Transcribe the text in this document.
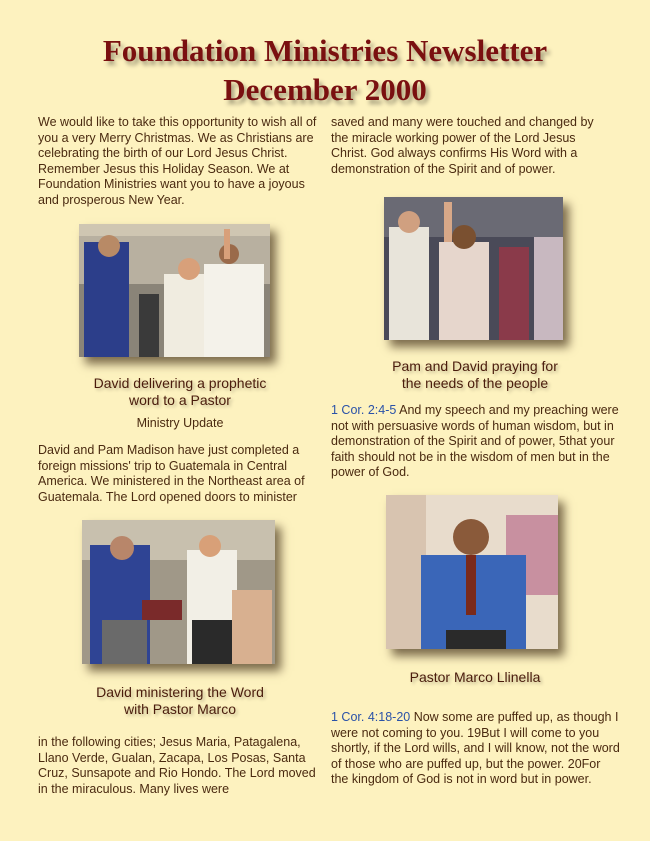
Foundation Ministries Newsletter
December 2000

We would like to take this opportunity to wish all of you a very Merry Christmas. We as Christians are celebrating the birth of our Lord Jesus Christ. Remember Jesus this Holiday Season. We at Foundation Ministries want you to have a joyous and prosperous New Year.

David delivering a prophetic
word to a Pastor
Ministry Update

David and Pam Madison have just completed a foreign missions' trip to Guatemala in Central America. We ministered in the Northeast area of Guatemala. The Lord opened doors to minister

David ministering the Word
with Pastor Marco

in the following cities; Jesus Maria, Patagalena, Llano Verde, Gualan, Zacapa, Los Posas, Santa Cruz, Sunsapote and Rio Hondo. The Lord moved in the miraculous. Many lives were

saved and many were touched and changed by the miracle working power of the Lord Jesus Christ. God always confirms His Word with a demonstration of the Spirit and of power.

Pam and David praying for
the needs of the people

1 Cor. 2:4-5 And my speech and my preaching were not with persuasive words of human wisdom, but in demonstration of the Spirit and of power, 5that your faith should not be in the wisdom of men but in the power of God.

Pastor Marco Llinella

1 Cor. 4:18-20 Now some are puffed up, as though I were not coming to you. 19But I will come to you shortly, if the Lord wills, and I will know, not the word of those who are puffed up, but the power. 20For the kingdom of God is not in word but in power.
